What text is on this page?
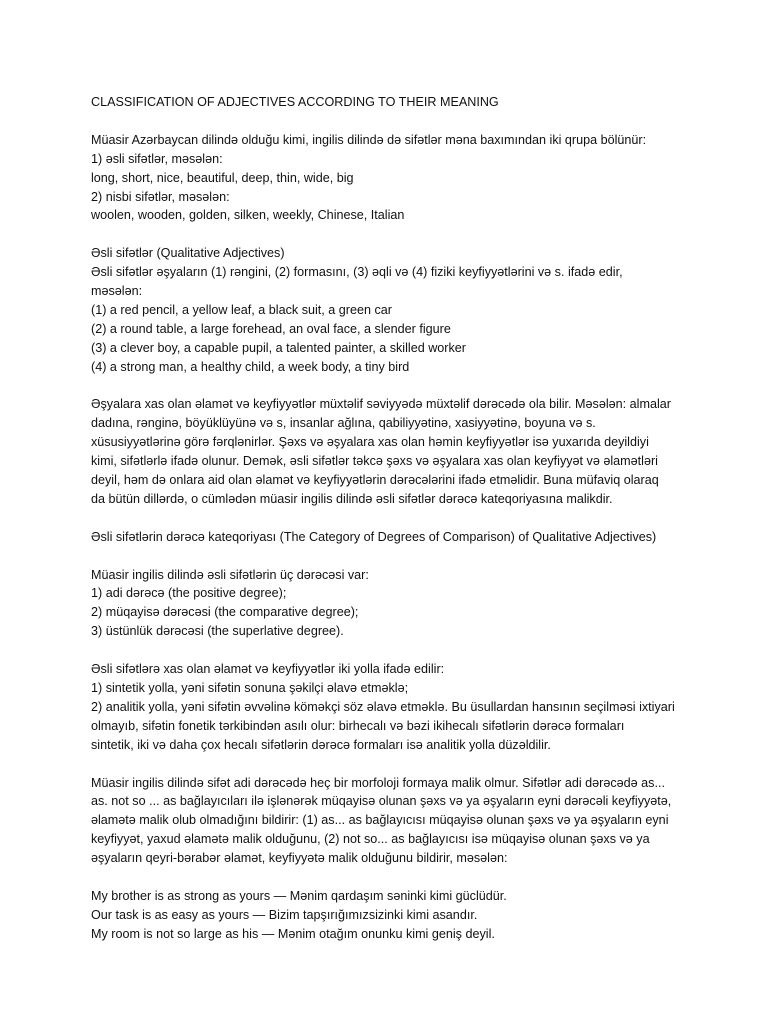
CLASSIFICATION OF ADJECTIVES ACCORDING TO THEIR MEANING
Müasir Azərbaycan dilində olduğu kimi, ingilis dilində də sifətlər məna baxımından iki qrupa bölünür:
1) əsli sifətlər, məsələn:
long, short, nice, beautiful, deep, thin, wide, big
2) nisbi sifətlər, məsələn:
woolen, wooden, golden, silken, weekly, Chinese, Italian
Əsli sifətlər (Qualitative Adjectives)
Əsli sifətlər əşyaların (1) rəngini, (2) formasını, (3) əqli və (4) fiziki keyfiyyətlərini və s. ifadə edir,
məsələn:
(1) a red pencil, a yellow leaf, a black suit, a green car
(2) a round table, a large forehead, an oval face, a slender figure
(3) a clever boy, a capable pupil, a talented painter, a skilled worker
(4) a strong man, a healthy child, a week body, a tiny bird
Əşyalara xas olan əlamət və keyfiyyətlər müxtəlif səviyyədə müxtəlif dərəcədə ola bilir. Məsələn: almalar
dadına, rənginə, böyüklüyünə və s, insanlar ağlına, qabiliyyətinə, xasiyyətinə, boyuna və s.
xüsusiyyətlərinə görə fərqlənirlər. Şəxs və əşyalara xas olan həmin keyfiyyətlər isə yuxarıda deyildiyi
kimi, sifətlərlə ifadə olunur. Demək, əsli sifətlər təkcə şəxs və əşyalara xas olan keyfiyyət və əlamətləri
deyil, həm də onlara aid olan əlamət və keyfiyyətlərin dərəcələrini ifadə etməlidir. Buna müfaviq olaraq
da bütün dillərdə, o cümlədən müasir ingilis dilində əsli sifətlər dərəcə kateqoriyasına malikdir.
Əsli sifətlərin dərəcə kateqoriyası (The Category of Degrees of Comparison) of Qualitative Adjectives)
Müasir ingilis dilində əsli sifətlərin üç dərəcəsi var:
1) adi dərəcə (the positive degree);
2) müqayisə dərəcəsi (the comparative degree);
3) üstünlük dərəcəsi (the superlative degree).
Əsli sifətlərə xas olan əlamət və keyfiyyətlər iki yolla ifadə edilir:
1) sintetik yolla, yəni sifətin sonuna şəkilçi əlavə etməklə;
2) analitik yolla, yəni sifətin əvvəlinə köməkçi söz əlavə etməklə. Bu üsullardan hansının seçilməsi ixtiyari
olmayıb, sifətin fonetik tərkibindən asılı olur: birhecalı və bəzi ikihecalı sifətlərin dərəcə formaları
sintetik, iki və daha çox hecalı sifətlərin dərəcə formaları isə analitik yolla düzəldilir.
Müasir ingilis dilində sifət adi dərəcədə heç bir morfoloji formaya malik olmur. Sifətlər adi dərəcədə as...
as. not so ... as bağlayıcıları ilə işlənərək müqayisə olunan şəxs və ya əşyaların eyni dərəcəli keyfiyyətə,
əlamətə malik olub olmadığını bildirir: (1) as... as bağlayıcısı müqayisə olunan şəxs və ya əşyaların eyni
keyfiyyət, yaxud əlamətə malik olduğunu, (2) not so... as bağlayıcısı isə müqayisə olunan şəxs və ya
əşyaların qeyri-bərabər əlamət, keyfiyyətə malik olduğunu bildirir, məsələn:
My brother is as strong as yours — Mənim qardaşım səninki kimi güclüdür.
Our task is as easy as yours — Bizim tapşırığımızsizinki kimi asandır.
My room is not so large as his — Mənim otağım onunku kimi geniş deyil.
